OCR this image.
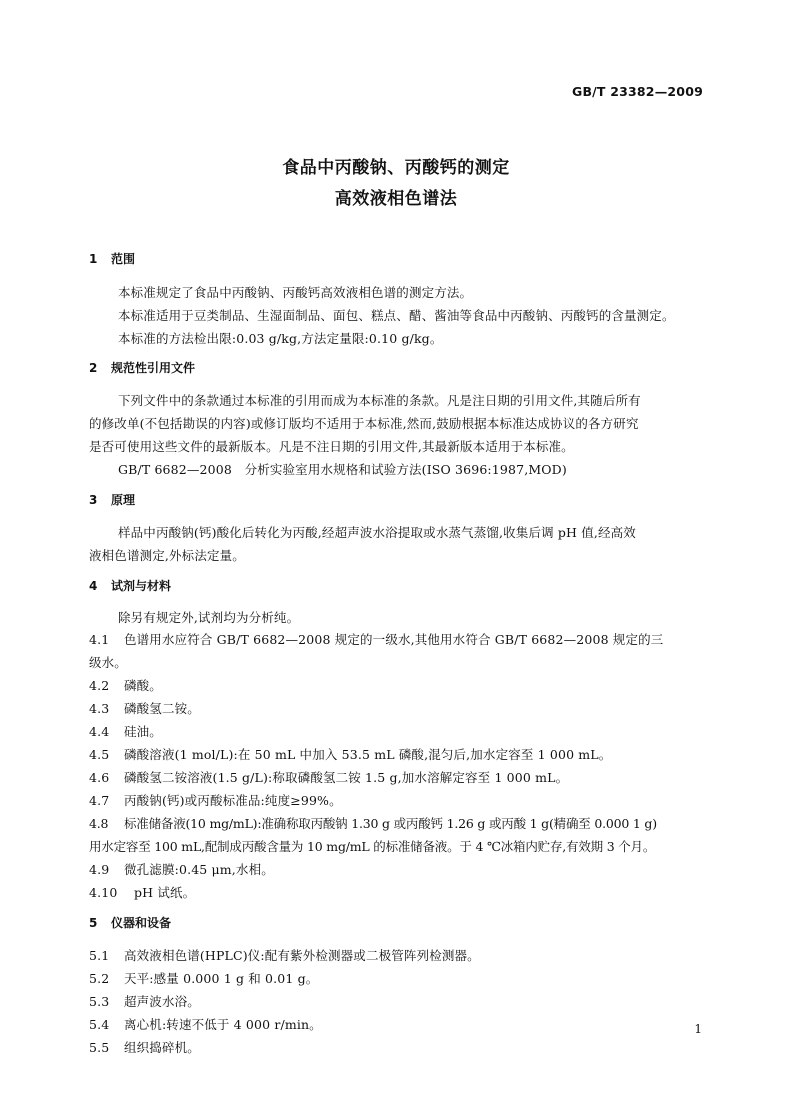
GB/T 23382—2009
食品中丙酸钠、丙酸钙的测定
高效液相色谱法
1 范围
本标准规定了食品中丙酸钠、丙酸钙高效液相色谱的测定方法。
本标准适用于豆类制品、生湿面制品、面包、糕点、醋、酱油等食品中丙酸钠、丙酸钙的含量测定。
本标准的方法检出限:0.03 g/kg,方法定量限:0.10 g/kg。
2 规范性引用文件
下列文件中的条款通过本标准的引用而成为本标准的条款。凡是注日期的引用文件,其随后所有
的修改单(不包括勘误的内容)或修订版均不适用于本标准,然而,鼓励根据本标准达成协议的各方研究
是否可使用这些文件的最新版本。凡是不注日期的引用文件,其最新版本适用于本标准。
GB/T 6682—2008　分析实验室用水规格和试验方法(ISO 3696:1987,MOD)
3 原理
样品中丙酸钠(钙)酸化后转化为丙酸,经超声波水浴提取或水蒸气蒸馏,收集后调 pH 值,经高效
液相色谱测定,外标法定量。
4 试剂与材料
除另有规定外,试剂均为分析纯。
4.1 色谱用水应符合 GB/T 6682—2008 规定的一级水,其他用水符合 GB/T 6682—2008 规定的三
级水。
4.2 磷酸。
4.3 磷酸氢二铵。
4.4 硅油。
4.5 磷酸溶液(1 mol/L):在 50 mL 中加入 53.5 mL 磷酸,混匀后,加水定容至 1 000 mL。
4.6 磷酸氢二铵溶液(1.5 g/L):称取磷酸氢二铵 1.5 g,加水溶解定容至 1 000 mL。
4.7 丙酸钠(钙)或丙酸标准品:纯度≥99%。
4.8 标准储备液(10 mg/mL):准确称取丙酸钠 1.30 g 或丙酸钙 1.26 g 或丙酸 1 g(精确至 0.000 1 g)
用水定容至 100 mL,配制成丙酸含量为 10 mg/mL 的标准储备液。于 4 ℃冰箱内贮存,有效期 3 个月。
4.9 微孔滤膜:0.45 μm,水相。
4.10 pH 试纸。
5 仪器和设备
5.1 高效液相色谱(HPLC)仪:配有紫外检测器或二极管阵列检测器。
5.2 天平:感量 0.000 1 g 和 0.01 g。
5.3 超声波水浴。
5.4 离心机:转速不低于 4 000 r/min。
5.5 组织捣碎机。
1
